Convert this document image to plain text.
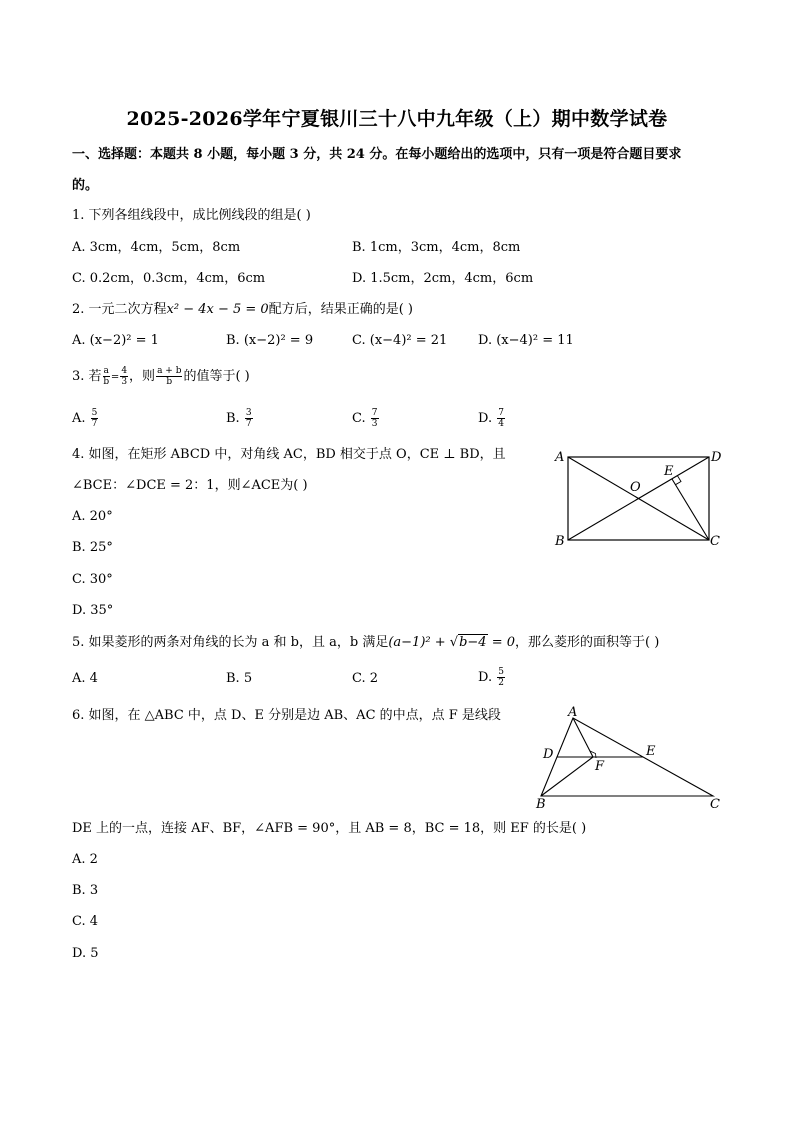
2025-2026学年宁夏银川三十八中九年级（上）期中数学试卷
一、选择题：本题共 8 小题，每小题 3 分，共 24 分。在每小题给出的选项中，只有一项是符合题目要求
的。
1. 下列各组线段中，成比例线段的组是( )
A. 3cm，4cm，5cm，8cm	B. 1cm，3cm，4cm，8cm
C. 0.2cm，0.3cm，4cm，6cm	D. 1.5cm，2cm，4cm，6cm
2. 一元二次方程x² − 4x − 5 = 0配方后，结果正确的是( )
A. (x−2)² = 1	B. (x−2)² = 9	C. (x−4)² = 21 D. (x−4)² = 11
3. 若 $\frac{a}{b} = \frac{4}{3}$ ，则 $\frac{a + b}{b}$ 的值等于( )
A. $\frac{5}{7}$	B. $\frac{3}{7}$	C. $\frac{7}{3}$	D. $\frac{7}{4}$
4. 如图，在矩形 ABCD 中，对角线 AC，BD 相交于点 O，CE ⊥ BD，且
∠BCE：∠DCE = 2：1，则∠ACE为( )
A. 20°
B. 25°
C. 30°
D. 35°
A	D
B	C
E
O
5. 如果菱形的两条对角线的长为 a 和 b，且 a，b 满足(a−1)² + √b−4 = 0，那么菱形的面积等于( )
A. 4	B. 5	C. 2	D. $\frac{5}{2}$
6. 如图，在 △ABC 中，点 D、E 分别是边 AB、AC 的中点，点 F 是线段	A
D	E
F
B	C
DE 上的一点，连接 AF、BF，∠AFB = 90°，且 AB = 8，BC = 18，则 EF 的长是( )
A. 2
B. 3
C. 4
D. 5
